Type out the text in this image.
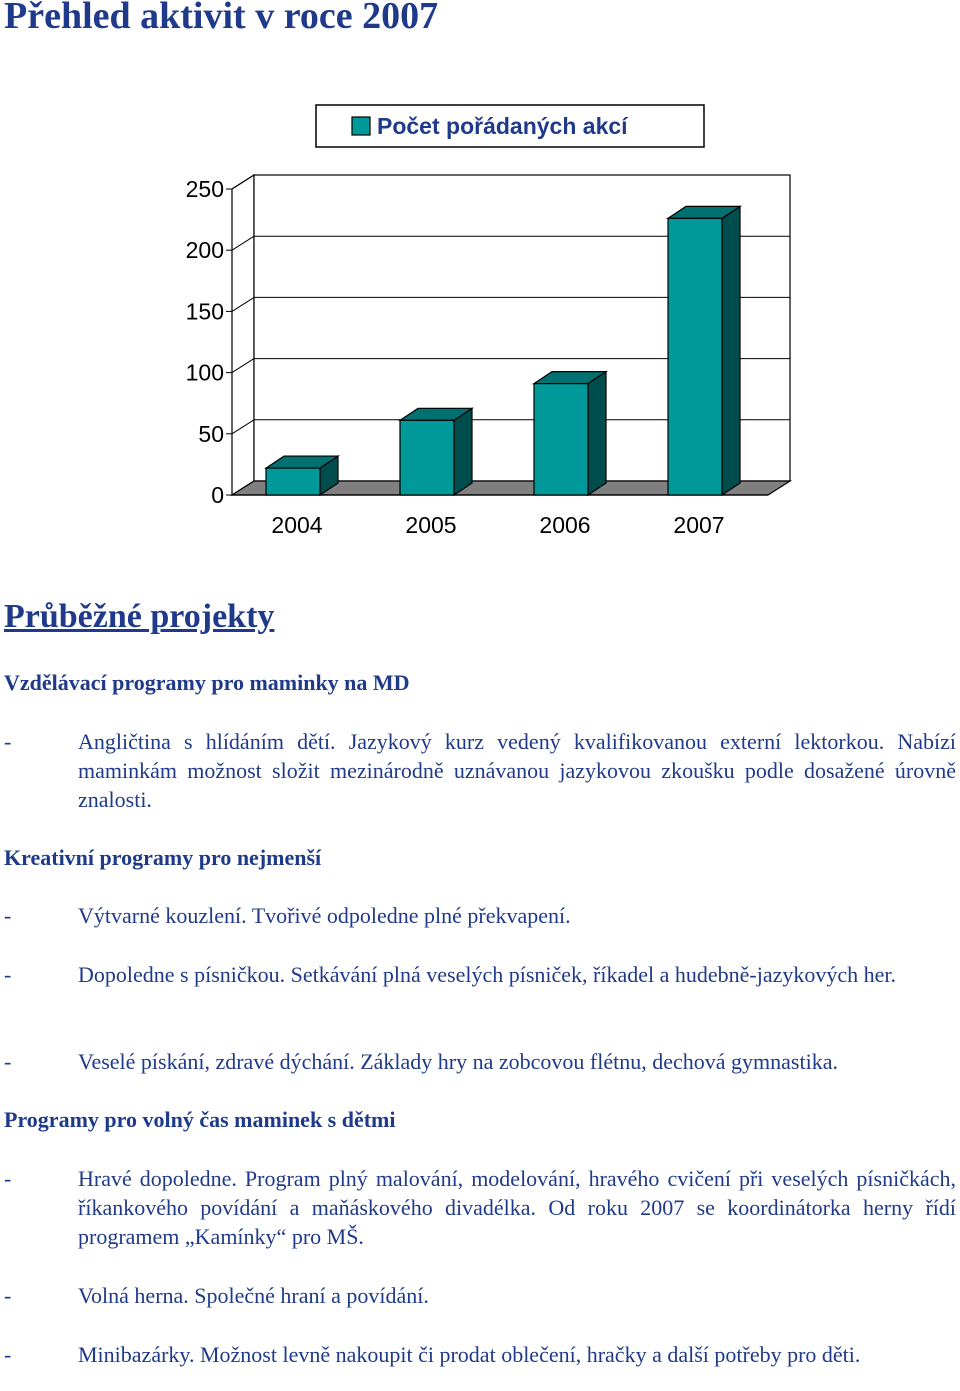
Přehled aktivit v roce 2007
0
50
100
150
200
250
2004	2005	2006	2007
Počet pořádaných akcí
Průběžné projekty
Vzdělávací programy pro maminky na MD
-	Angličtina s hlídáním dětí. Jazykový kurz vedený kvalifikovanou externí lektorkou. Nabízí maminkám možnost složit mezinárodně uznávanou jazykovou zkoušku podle dosažené úrovně znalosti.
Kreativní programy pro nejmenší
-	Výtvarné kouzlení. Tvořivé odpoledne plné překvapení.
-	Dopoledne s písničkou. Setkávání plná veselých písniček, říkadel a hudebně-jazykových her.
-	Veselé pískání, zdravé dýchání. Základy hry na zobcovou flétnu, dechová gymnastika.
Programy pro volný čas maminek s dětmi
-	Hravé dopoledne. Program plný malování, modelování, hravého cvičení při veselých písničkách, říkankového povídání a maňáskového divadélka. Od roku 2007 se koordinátorka herny řídí programem „Kamínky“ pro MŠ.
-	Volná herna. Společné hraní a povídání.
-	Minibazárky. Možnost levně nakoupit či prodat oblečení, hračky a další potřeby pro děti.
